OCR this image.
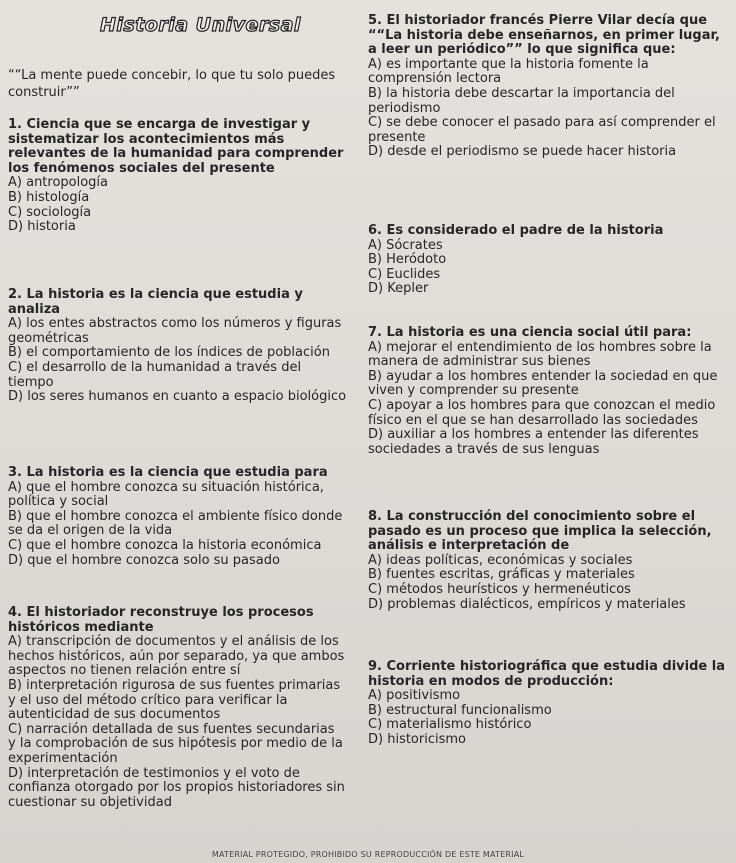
Historia Universal
““La mente puede concebir, lo que tu solo puedes construir””
1. Ciencia que se encarga de investigar y sistematizar los acontecimientos más relevantes de la humanidad para comprender los fenómenos sociales del presente
A) antropología
B) histología
C) sociología
D) historia
2. La historia es la ciencia que estudia y analiza
A) los entes abstractos como los números y figuras geométricas
B) el comportamiento de los índices de población
C) el desarrollo de la humanidad a través del tiempo
D) los seres humanos en cuanto a espacio biológico
3. La historia es la ciencia que estudia para
A) que el hombre conozca su situación histórica, política y social
B) que el hombre conozca el ambiente físico donde se da el origen de la vida
C) que el hombre conozca la historia económica
D) que el hombre conozca solo su pasado
4. El historiador reconstruye los procesos históricos mediante
A) transcripción de documentos y el análisis de los hechos históricos, aún por separado, ya que ambos aspectos no tienen relación entre sí
B) interpretación rigurosa de sus fuentes primarias y el uso del método crítico para verificar la autenticidad de sus documentos
C) narración detallada de sus fuentes secundarias y la comprobación de sus hipótesis por medio de la experimentación
D) interpretación de testimonios y el voto de confianza otorgado por los propios historiadores sin cuestionar su objetividad
5. El historiador francés Pierre Vilar decía que ““La historia debe enseñarnos, en primer lugar, a leer un periódico”” lo que significa que:
A) es importante que la historia fomente la comprensión lectora
B) la historia debe descartar la importancia del periodismo
C) se debe conocer el pasado para así comprender el presente
D) desde el periodismo se puede hacer historia
6. Es considerado el padre de la historia
A) Sócrates
B) Heródoto
C) Euclides
D) Kepler
7. La historia es una ciencia social útil para:
A) mejorar el entendimiento de los hombres sobre la manera de administrar sus bienes
B) ayudar a los hombres entender la sociedad en que viven y comprender su presente
C) apoyar a los hombres para que conozcan el medio físico en el que se han desarrollado las sociedades
D) auxiliar a los hombres a entender las diferentes sociedades a través de sus lenguas
8. La construcción del conocimiento sobre el pasado es un proceso que implica la selección, análisis e interpretación de
A) ideas políticas, económicas y sociales
B) fuentes escritas, gráficas y materiales
C) métodos heurísticos y hermenéuticos
D) problemas dialécticos, empíricos y materiales
9. Corriente historiográfica que estudia divide la historia en modos de producción:
A) positivismo
B) estructural funcionalismo
C) materialismo histórico
D) historicismo
MATERIAL PROTEGIDO, PROHIBIDO SU REPRODUCCIÓN DE ESTE MATERIAL
